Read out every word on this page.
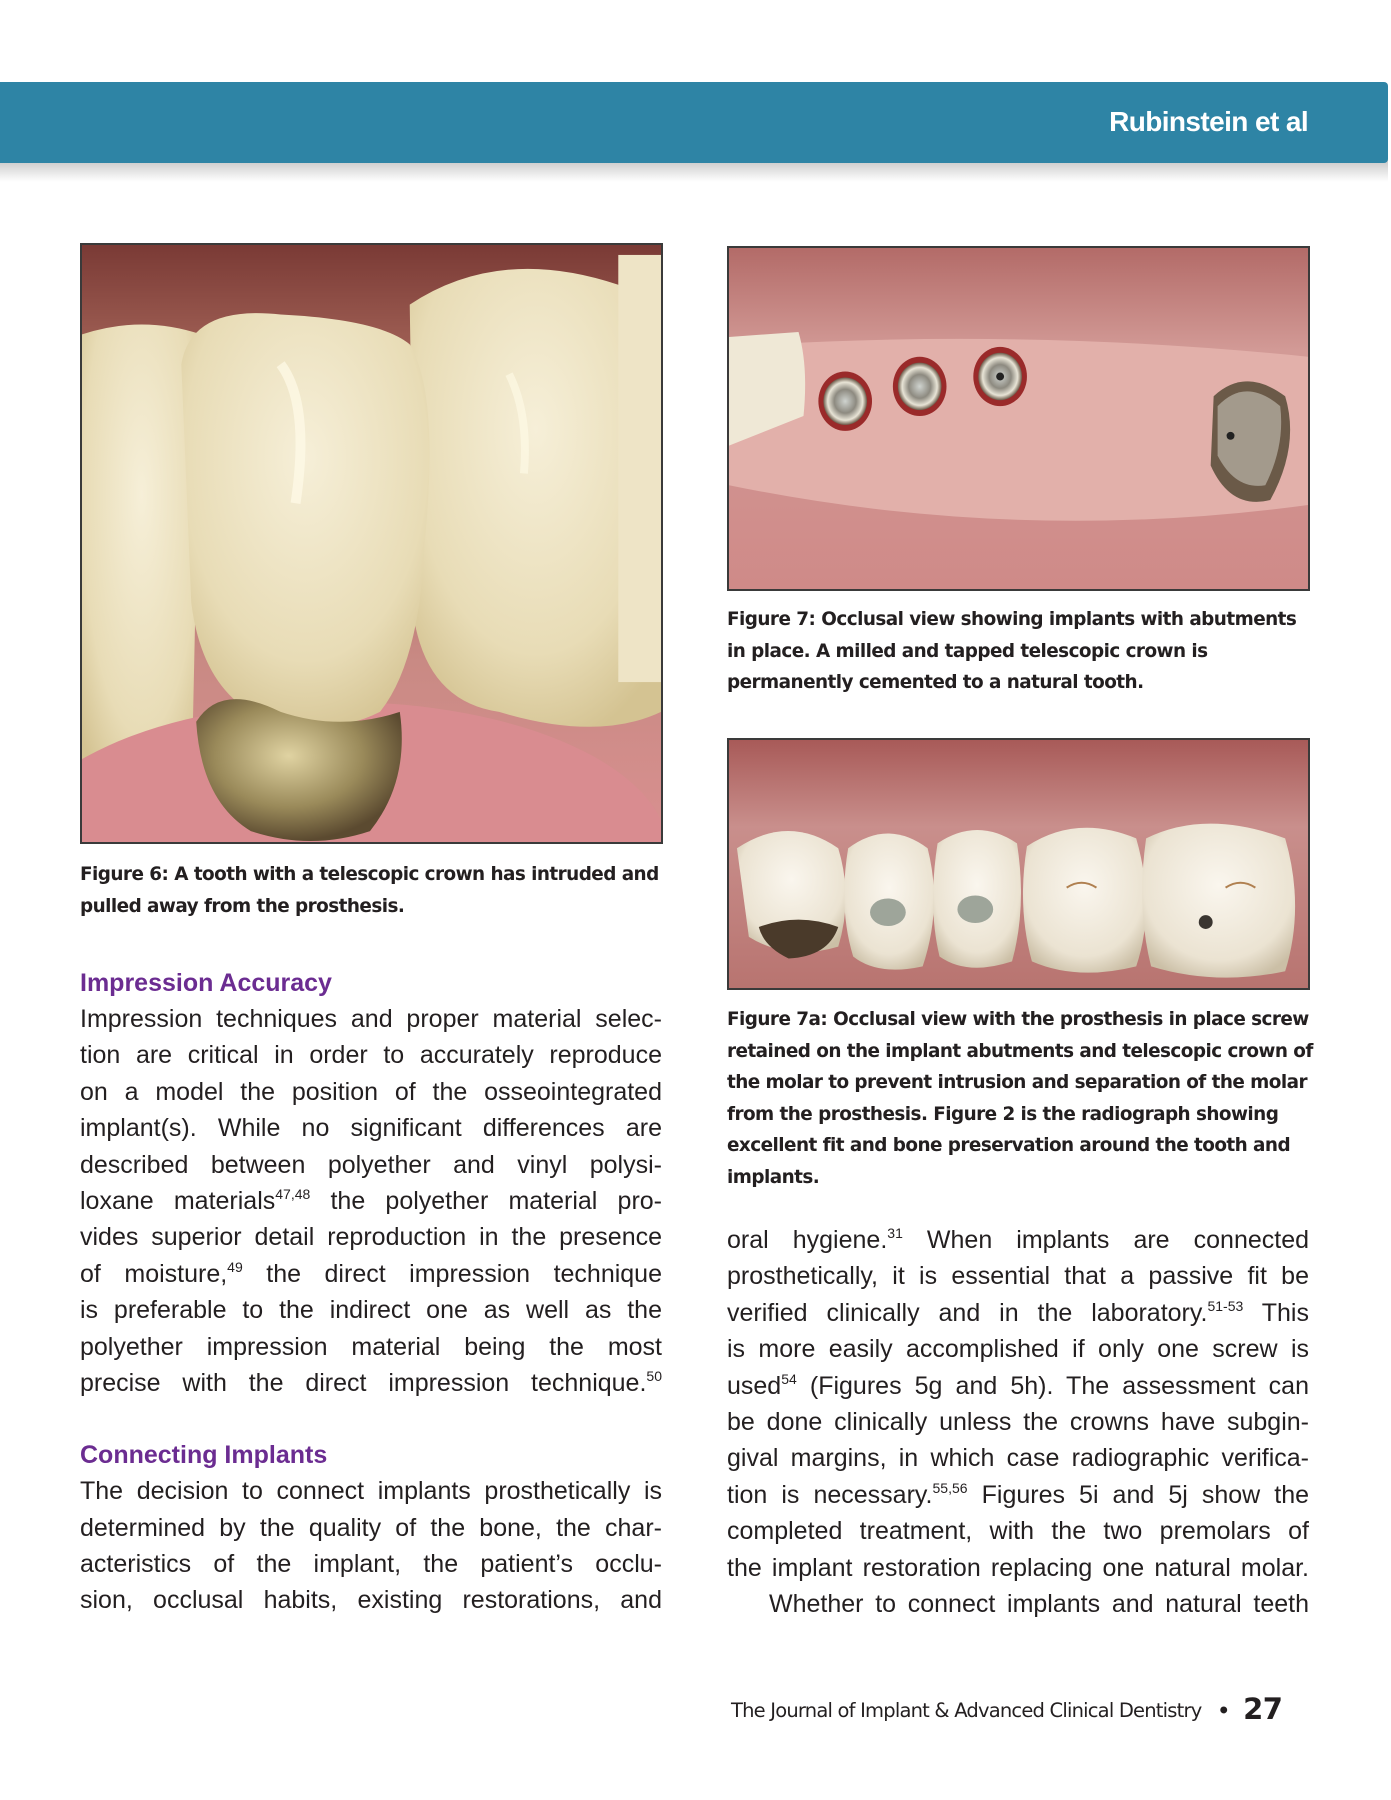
Rubinstein et al
Figure 6: A tooth with a telescopic crown has intruded and pulled away from the prosthesis.
Figure 7: Occlusal view showing implants with abutments in place. A milled and tapped telescopic crown is permanently cemented to a natural tooth.
Figure 7a: Occlusal view with the prosthesis in place screw retained on the implant abutments and telescopic crown of the molar to prevent intrusion and separation of the molar from the prosthesis. Figure 2 is the radiograph showing excellent fit and bone preservation around the tooth and implants.
Impression Accuracy
Impression techniques and proper material selec-
tion are critical in order to accurately reproduce
on a model the position of the osseointegrated
implant(s). While no significant differences are
described between polyether and vinyl polysi-
loxane materials$^{47,48}$ the polyether material pro-
vides superior detail reproduction in the presence
of moisture,$^{49}$ the direct impression technique
is preferable to the indirect one as well as the
polyether impression material being the most
precise with the direct impression technique.$^{50}$
Connecting Implants
The decision to connect implants prosthetically is
determined by the quality of the bone, the char-
acteristics of the implant, the patient’s occlu-
sion, occlusal habits, existing restorations, and
oral hygiene.$^{31}$ When implants are connected
prosthetically, it is essential that a passive fit be
verified clinically and in the laboratory.$^{51-53}$ This
is more easily accomplished if only one screw is
used$^{54}$ (Figures 5g and 5h). The assessment can
be done clinically unless the crowns have subgin-
gival margins, in which case radiographic verifica-
tion is necessary.$^{55,56}$ Figures 5i and 5j show the
completed treatment, with the two premolars of
the implant restoration replacing one natural molar.
Whether to connect implants and natural teeth
The Journal of Implant & Advanced Clinical Dentistry • 27
